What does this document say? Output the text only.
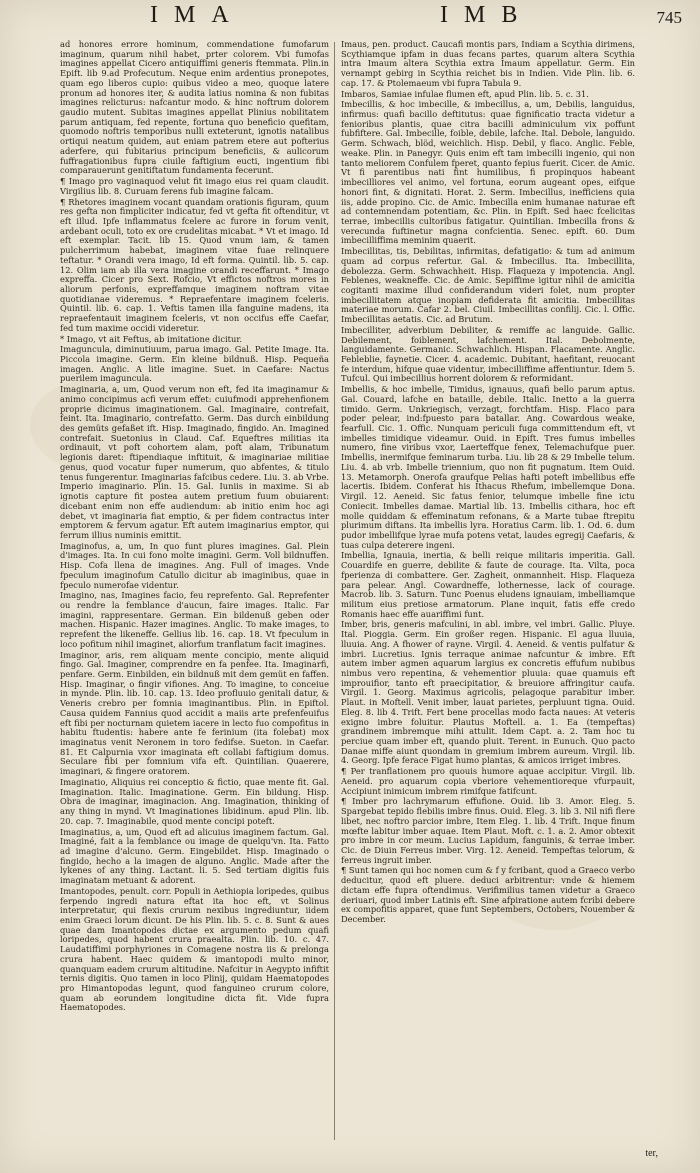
IMA	IMB	745

ad honores errore hominum, commendatione fumofarum imaginum, quarum nihil habet, prter colorem. Vbi fumofas imagines appellat Cicero antiquiffimi generis ftemmata. Plin.in Epift. lib 9.ad Profecutum. Neque enim ardentius pronepotes, quam ego liberos cupio: quibus video a meo, quoque latere pronum ad honores iter, & audita latius nomina & non fubitas imagines relicturus: nafcantur modo. & hinc noftrum dolorem gaudio mutent. Subitas imagines appellat Plinius nobilitatem parum antiquam, fed repente, fortuna quo beneficio quefitam, quomodo noftris temporibus nulli exteterunt, ignotis natalibus ortiqui neatum quidem, aut eniam patrem etere aut pofterius aderfere, qui fubitarius principum beneficiis, & aulicorum fuffragationibus fupra ciuile faftigium eucti, ingentium fibi comparauerunt genitiftatum fundamenta fecerunt.

¶ Imago pro vaginaquod velut fit imago eius rei quam claudit. Virgilius lib. 8. Curuam ferens fub imagine falcam.

¶ Rhetores imaginem vocant quandam orationis figuram, quum res gefta non fimpliciter indicatur, fed vt gefta fit oftenditur, vt eft illud. Ipfe inflammatus fcelere ac furore in forum venit, ardebant oculi, toto ex ore crudelitas micabat. * Vt et imago. Id eft exemplar. Tacit. lib 15. Quod vnum iam, & tamen pulcherrimum habebat, imaginem vitae fuae relinquere teftatur. * Orandi vera imago, Id eft forma. Quintil. lib. 5. cap. 12. Olim iam ab illa vera imagine orandi receffarunt. * Imago expreffa. Cicer pro Sext. Rofcio, Vt effictos noftros mores in aliorum perfonis, expreffamque imaginem noftram vitae quotidianae videremus. * Repraefentare imaginem fceleris. Quintil. lib. 6. cap. 1. Veftis tamen illa fanguine madens, ita repraefentauit imaginem fceleris, vt non occifus effe Caefar, fed tum maxime occidi videretur.

* Imago, vt ait Feftus, ab imitatione dicitur.

Imaguncula, diminutiuum, parua imago. Gal. Petite Image. Ita. Piccola imagine. Germ. Ein kleine bildnuß. Hisp. Pequeña imagen. Anglic. A litle imagine. Suet. in Caefare: Nactus puerilem imaguncula.

Imaginaria, a, um, Quod verum non eft, fed ita imaginamur & animo concipimus acfi verum effet: cuiufmodi apprehenfionem proprie dicimus imaginationem. Gal. Imaginaire, contrefait, feint. Ita. Imaginario, contrefatto. Germ. Das durch einbildung des gemüts gefaßet ift. Hisp. Imaginado, fingido. An. Imagined contrefait. Suetonius in Claud. Caf. Equeftres militias ita ordinauit, vt poft cohortem alam, poft alam, Tribunatum legionis daret: ftipendiaque inftituit, & imaginariae militiae genus, quod vocatur fuper numerum, quo abfentes, & titulo tenus fungerentur. Imaginarias fafcibus cedere. Liu. 3. ab Vrbe. Imperio imaginario. Plin. 15. Gal. Iuniis in maxime. Si ab ignotis capture fit postea autem pretium fuum obuiarent: dicebant enim non effe audiendum: ab initio enim hoc agi debet, vt imaginaria fiat emptio, & per fidem contractus inter emptorem & fervum agatur. Eft autem imaginarius emptor, qui ferrum illius numinis emittit.

Imaginofus, a, um, In quo funt plures imagines. Gal. Plein d'images. Ita. In cui fono molte imagini. Germ. Voll bildnuffen. Hisp. Cofa llena de imagines. Ang. Full of images. Vnde fpeculum imaginofum Catullo dicitur ab imaginibus, quae in fpeculo numerofae videntur.

Imagino, nas, Imagines facio, feu reprefento. Gal. Reprefenter ou rendre la femblance d'aucun, faire images. Italic. Far imagini, rappresentare. German. Ein bildenuß geben oder machen. Hispanic. Hazer imagines. Anglic. To make images, to reprefent the likeneffe. Gellius lib. 16. cap. 18. Vt fpeculum in loco pofitum nihil imaginet, aliorfum tranflatum facit imagines.

Imaginor, aris, rem aliquam mente concipio, mente aliquid fingo. Gal. Imaginer, comprendre en fa penfee. Ita. Imaginarfi, penfare. Germ. Einbilden, ein bildnuß mit dem gemüt en faffen. Hisp. Imaginar, o fingir vifiones. Ang. To imagine, to conceiue in mynde. Plin. lib. 10. cap. 13. Ideo profluuio genitali datur, & Veneris crebro per fomnia imaginantibus. Plin. in Epiftol. Causa quidem Fannius quod accidit a maiis arte prefenfeuifus eft fibi per nocturnam quietem iacere in lecto fuo compofitus in habitu ftudentis: habere ante fe ferinium (ita folebat) mox imaginatus venit Neronem in toro fedifse. Sueton. in Caefar. 81. Et Calpurnia vxor imaginata eft collabi faftigium domus. Seculare fibi per fomnium vifa eft. Quintilian. Quaerere, imaginari, & fingere oratorem.

Imaginatio, Aliquius rei conceptio & fictio, quae mente fit. Gal. Imagination. Italic. Imaginatione. Germ. Ein bildung. Hisp. Obra de imaginar, imaginacion. Ang. Imagination, thinking of any thing in mynd. Vt Imaginationes libidinum. apud Plin. lib. 20. cap. 7. Imaginabile, quod mente concipi poteft.

Imaginatius, a, um, Quod eft ad alicuius imaginem factum. Gal. Imaginé, fait a la femblance ou image de quelqu'vn. Ita. Fatto ad imagine d'alcuno. Germ. Eingebildet. Hisp. Imaginado o fingido, hecho a la imagen de alguno. Anglic. Made after the lykenes of any thing. Lactant. li. 5. Sed tertiam digitis fuis imaginatam metuant & adorent.

Imantopodes, penult. corr. Populi in Aethiopia loripedes, quibus ferpendo ingredi natura eftat ita hoc eft, vt Solinus interpretatur, qui flexis crurum nexibus ingrediuntur, iidem enim Graeci lorum dicunt. De his Plin. lib. 5. c. 8. Sunt & aues quae dam Imantopodes dictae ex argumento pedum quafi loripedes, quod habent crura praealta. Plin. lib. 10. c. 47. Laudatiffimi porphyriones in Comagene nostra iis & prelonga crura habent. Haec quidem & imantopodi multo minor, quanquam eadem crurum altitudine. Nafcitur in Aegypto infiftit ternis digitis. Quo tamen in loco Plinij, quidam Haematopodes pro Himantopodas legunt, quod fanguineo crurum colore, quam ab eorundem longitudine dicta fit. Vide fupra Haematopodes.

Imaus, pen. product. Caucafi montis pars, Indiam a Scythia dirimens, Scythiamque ipfam in duas fecans partes, quarum altera Scythia intra Imaum altera Scythia extra Imaum appellatur. Germ. Ein vernampt gebirg in Scythia reichet bis in Indien. Vide Plin. lib. 6. cap. 17. & Ptolemaeum vbi fupra Tabula 9.

Imbaros, Samiae infulae flumen eft, apud Plin. lib. 5. c. 31.

Imbecillis, & hoc imbecille, & imbecillus, a, um, Debilis, languidus, infirmus: quafi bacillo deftitutus: quae fignificatio tracta videtur a fenioribus plantis, quae citra bacilli adminiculum vix poffunt fubfiftere. Gal. Imbecille, foible, debile, lafche. Ital. Debole, languido. Germ. Schwach, blöd, weichlich. Hisp. Debil, y flaco. Anglic. Feble, weake. Plin. in Panegyr. Quis enim eft tam imbecilli ingenio, qui non tanto meliorem Confulem fperet, quanto fepius fuerit. Cicer. de Amic. Vt fi parentibus nati fint humilibus, fi propinquos habeant imbecilliores vel animo, vel fortuna, eorum augeant opes, eifque honori fint, & dignitati. Horat. 2. Serm. Imbecillus, inefficiens quia iis, adde propino. Cic. de Amic. Imbecilla enim humanae naturae eft ad contemnendam potentiam, &c. Plin. in Epift. Sed haec fcelicitas terrae, imbecillis cultoribus fatigatur. Quintilian. Imbecilla frons & verecunda fuftinetur magna confcientia. Senec. epift. 60. Dum imbecilliffima meminim quaerit.

Imbecillitas, tis, Debilitas, infirmitas, defatigatio: & tum ad animum quam ad corpus refertur. Gal. & Imbecillus. Ita. Imbecillita, debolezza. Germ. Schwachheit. Hisp. Flaqueza y impotencia. Angl. Feblenes, weakneffe. Cic. de Amic. Sepiffime igitur nihil de amicitia cogitanti maxime illud confiderandum videri folet, num propter imbecillitatem atque inopiam defiderata fit amicitia. Imbecillitas materiae morum. Cafar 2. bel. Ciuil. Imbecillitas confilij. Cic. l. Offic. Imbecillitas aetatis. Cic. ad Brutum.

Imbecilliter, adverbium Debiliter, & remiffe ac languide. Gallic. Debilement, foiblement, lafchement. Ital. Debolmente, languidamente. Germanic. Schwachlich. Hispan. Flacamente. Anglic. Febleblie, faynetie. Cicer. 4. academic. Dubitant, haefitant, reuocant fe interdum, hifque quae videntur, imbecilliffime affentiuntur. Idem 5. Tufcul. Qui imbecillius horrent dolorem & reformidant.

Imbellis, & hoc imbelle, Timidus, ignauus, quafi bello parum aptus. Gal. Couard, lafche en bataille, debile. Italic. Inetto a la guerra timido. Germ. Unkriegisch, verzagt, forchtfam. Hisp. Flaco para poder pelear, ind:fpuesto para batallar. Ang. Cowardous weake, fearfull. Cic. 1. Offic. Nunquam periculi fuga committendum eft, vt imbelles timidique videamur. Ouid. in Epift. Tres fumus imbelles numero, fine viribus vxor, Laerteffque fenex, Telemachufque puer. Imbellis, inermifque feminarum turba. Liu. lib 28 & 29 Imbelle telum. Liu. 4. ab vrb. Imbelle triennium, quo non fit pugnatum. Item Ouid. 13. Metamorph. Onerofa graufque Pelias hafti poteft imbellibus effe lacertis. Ibidem. Conferat his Ithacus Rhefum, imbellemque Dona. Virgil. 12. Aeneid. Sic fatus fenior, telumque imbelle fine ictu Coniecit. Imbelles damae. Martial lib. 13. Imbellis cithara, hoc eft molle quiddam & effeminatum refonans, & a Marte tubae ftrepitu plurimum diftans. Ita imbellis lyra. Horatius Carm. lib. 1. Od. 6. dum pudor imbellifque lyrae mufa potens vetat, laudes egregij Caefaris, & tuas culpa deterere ingeni.

Imbellia, Ignauia, inertia, & belli reique militaris imperitia. Gall. Couardife en guerre, debilite & faute de courage. Ita. Vilta, poca fperienza di combattere. Ger. Zagheit, onmannheit. Hisp. Flaqueza para pelear. Angl. Cowardneffe, lothernesse, lack of courage. Macrob. lib. 3. Saturn. Tunc Poenus eludens ignauiam, imbelliamque militum eius pretiose armatorum. Plane inquit, fatis effe credo Romanis haec effe auariffimi funt.

Imber, bris, generis mafculini, in abl. imbre, vel imbri. Gallic. Pluye. Ital. Pioggia. Germ. Ein großer regen. Hispanic. El agua lluuia, lluuia. Ang. A fhower of rayne. Virgil. 4. Aeneid. & ventis pulfatur & imbri. Lucretius. Ignis terraque animae nafcuntur & imbre. Eft autem imber agmen aquarum largius ex concretis effufum nubibus nimbus vero repentina, & vehementior pluuia: quae quamuis eft improuifior, tanto eft praecipitatior, & breuiore affringitur caufa. Virgil. 1. Georg. Maximus agricolis, pelagoque parabitur imber. Plaut. in Moftell. Venit imber, lauat parietes, perpluunt tigna. Ouid. Eleg. 8. lib 4. Trift. Fert bene procellas modo facta naues: At veteris exigno imbre foluitur. Plautus Moftell. a. 1. Ea (tempeftas) grandinem imbremque mihi attulit. Idem Capt. a. 2. Tam hoc tu perciue quam imber eft, quando pluit. Terent. in Eunuch. Quo pacto Danae miffe aiunt quondam in gremium imbrem aureum. Virgil. lib. 4. Georg. Ipfe ferace Figat humo plantas, & amicos irriget imbres.

¶ Per tranflationem pro quouis humore aquae accipitur. Virgil. lib. Aeneid. pro aquarum copia vberiore vehementioreque vfurpauit, Accipiunt inimicum imbrem rimifque fatifcunt.

¶ Imber pro lachrymarum effufione. Ouid. lib 3. Amor. Eleg. 5. Spargebat tepido flebilis imbre finus. Ouid. Eleg. 3. lib 3. Nil nifi flere libet, nec noftro parcior imbre, Item Eleg. 1. lib. 4 Trift. Inque finum mœfte labitur imber aquae. Item Plaut. Moft. c. 1. a. 2. Amor obtexit pro imbre in cor meum. Lucius Lapidum, fanguinis, & terrae imber. Cic. de Diuin Ferreus imber. Virg. 12. Aeneid. Tempeftas telorum, & ferreus ingruit imber.

¶ Sunt tamen qui hoc nomen cum & f y fcribant, quod a Graeco verbo deducitur, quod eft pluere. deduci arbitrentur: vnde & hiemem dictam effe fupra oftendimus. Verifimilius tamen videtur a Graeco deriuari, quod imber Latinis eft. Sine afpiratione autem fcribi debere ex compofitis apparet, quae funt Septembers, Octobers, Nouember & December.

ter,
